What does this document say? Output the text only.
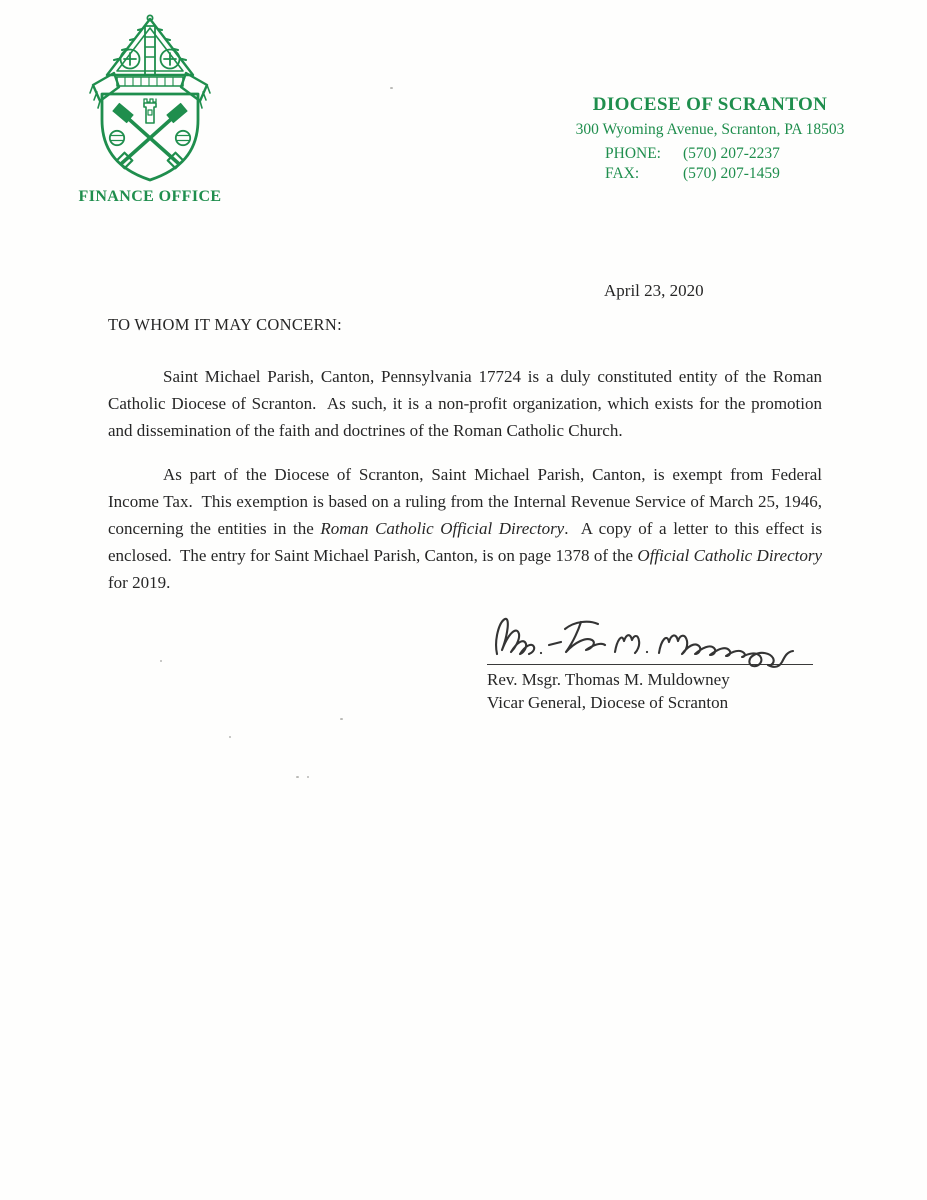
FINANCE OFFICE
DIOCESE OF SCRANTON
300 Wyoming Avenue, Scranton, PA 18503
PHONE:	(570) 207-2237
FAX:	(570) 207-1459
April 23, 2020
TO WHOM IT MAY CONCERN:

Saint Michael Parish, Canton, Pennsylvania 17724 is a duly constituted entity of the Roman Catholic Diocese of Scranton.  As such, it is a non-profit organization, which exists for the promotion and dissemination of the faith and doctrines of the Roman Catholic Church.

As part of the Diocese of Scranton, Saint Michael Parish, Canton, is exempt from Federal Income Tax.  This exemption is based on a ruling from the Internal Revenue Service of March 25, 1946, concerning the entities in the Roman Catholic Official Directory.  A copy of a letter to this effect is enclosed.  The entry for Saint Michael Parish, Canton, is on page 1378 of the Official Catholic Directory for 2019.

Rev. Msgr. Thomas M. Muldowney
Vicar General, Diocese of Scranton
